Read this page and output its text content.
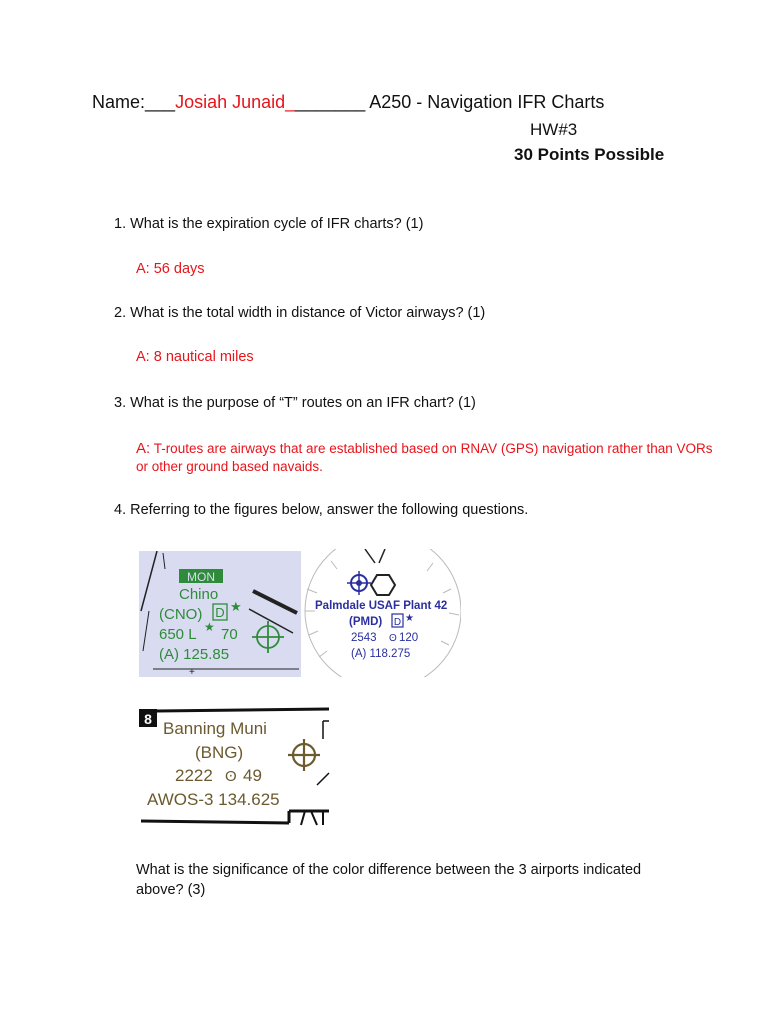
Name:___Josiah Junaid________ A250 - Navigation IFR Charts
HW#3
30 Points Possible
1. What is the expiration cycle of IFR charts? (1)
A: 56 days
2. What is the total width in distance of Victor airways? (1)
A: 8 nautical miles
3. What is the purpose of “T” routes on an IFR chart? (1)
A: T-routes are airways that are established based on RNAV (GPS) navigation rather than VORs or other ground based navaids.
4. Referring to the figures below, answer the following questions.
MON
Chino
(CNO) D ★
650 L ★ 70
(A) 125.85
+
Palmdale USAF Plant 42
(PMD) D ★
2543 ʘ 120
(A) 118.275
8 Banning Muni
(BNG)
2222 ʘ 49
AWOS-3 134.625
What is the significance of the color difference between the 3 airports indicated above? (3)
